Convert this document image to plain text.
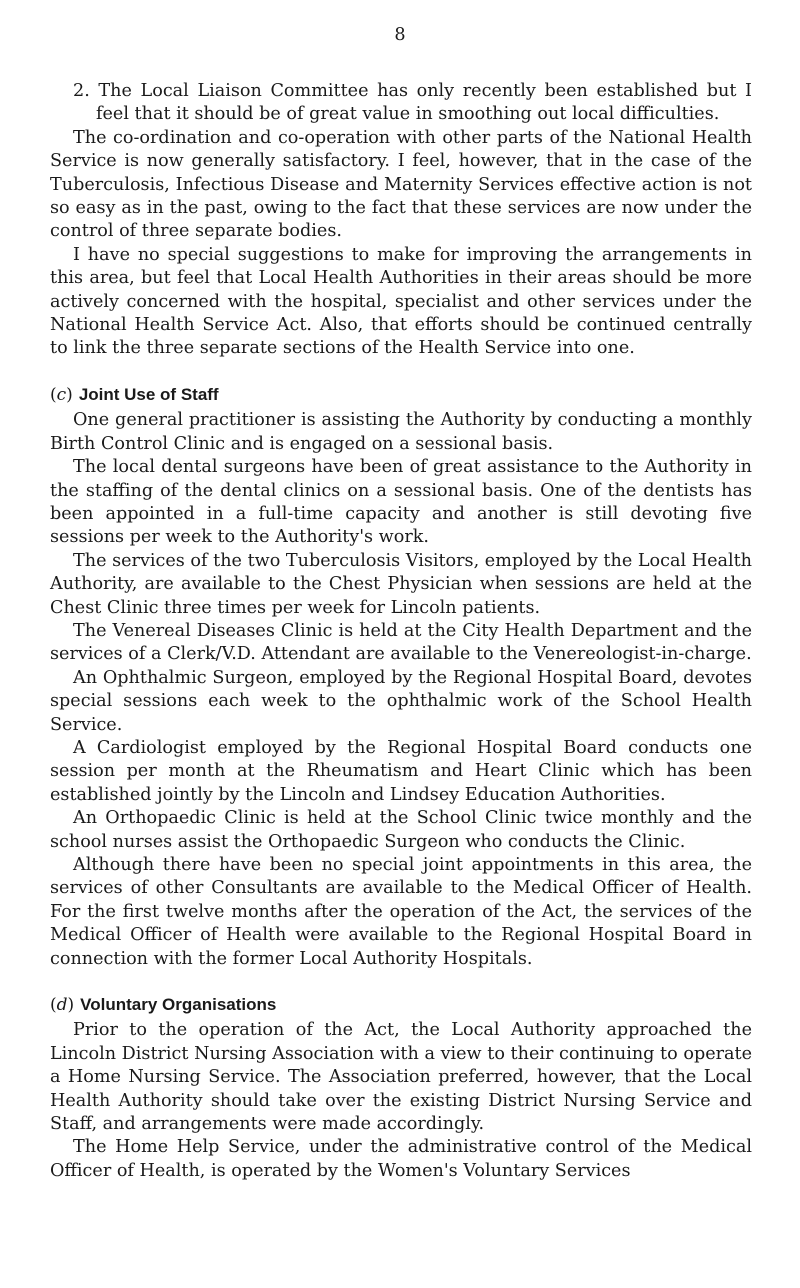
8

2. The Local Liaison Committee has only recently been established but I feel that it should be of great value in smoothing out local difficulties.

The co-ordination and co-operation with other parts of the National Health Service is now generally satisfactory. I feel, however, that in the case of the Tuberculosis, Infectious Disease and Maternity Services effective action is not so easy as in the past, owing to the fact that these services are now under the control of three separate bodies.

I have no special suggestions to make for improving the arrangements in this area, but feel that Local Health Authorities in their areas should be more actively concerned with the hospital, specialist and other services under the National Health Service Act. Also, that efforts should be continued centrally to link the three separate sections of the Health Service into one.

(c) Joint Use of Staff

One general practitioner is assisting the Authority by conducting a monthly Birth Control Clinic and is engaged on a sessional basis.

The local dental surgeons have been of great assistance to the Authority in the staffing of the dental clinics on a sessional basis. One of the dentists has been appointed in a full-time capacity and another is still devoting five sessions per week to the Authority's work.

The services of the two Tuberculosis Visitors, employed by the Local Health Authority, are available to the Chest Physician when sessions are held at the Chest Clinic three times per week for Lincoln patients.

The Venereal Diseases Clinic is held at the City Health Department and the services of a Clerk/V.D. Attendant are available to the Venereologist-in-charge.

An Ophthalmic Surgeon, employed by the Regional Hospital Board, devotes special sessions each week to the ophthalmic work of the School Health Service.

A Cardiologist employed by the Regional Hospital Board conducts one session per month at the Rheumatism and Heart Clinic which has been established jointly by the Lincoln and Lindsey Education Authorities.

An Orthopaedic Clinic is held at the School Clinic twice monthly and the school nurses assist the Orthopaedic Surgeon who conducts the Clinic.

Although there have been no special joint appointments in this area, the services of other Consultants are available to the Medical Officer of Health. For the first twelve months after the operation of the Act, the services of the Medical Officer of Health were available to the Regional Hospital Board in connection with the former Local Authority Hospitals.

(d) Voluntary Organisations

Prior to the operation of the Act, the Local Authority approached the Lincoln District Nursing Association with a view to their continuing to operate a Home Nursing Service. The Association preferred, however, that the Local Health Authority should take over the existing District Nursing Service and Staff, and arrangements were made accordingly.

The Home Help Service, under the administrative control of the Medical Officer of Health, is operated by the Women's Voluntary Services
